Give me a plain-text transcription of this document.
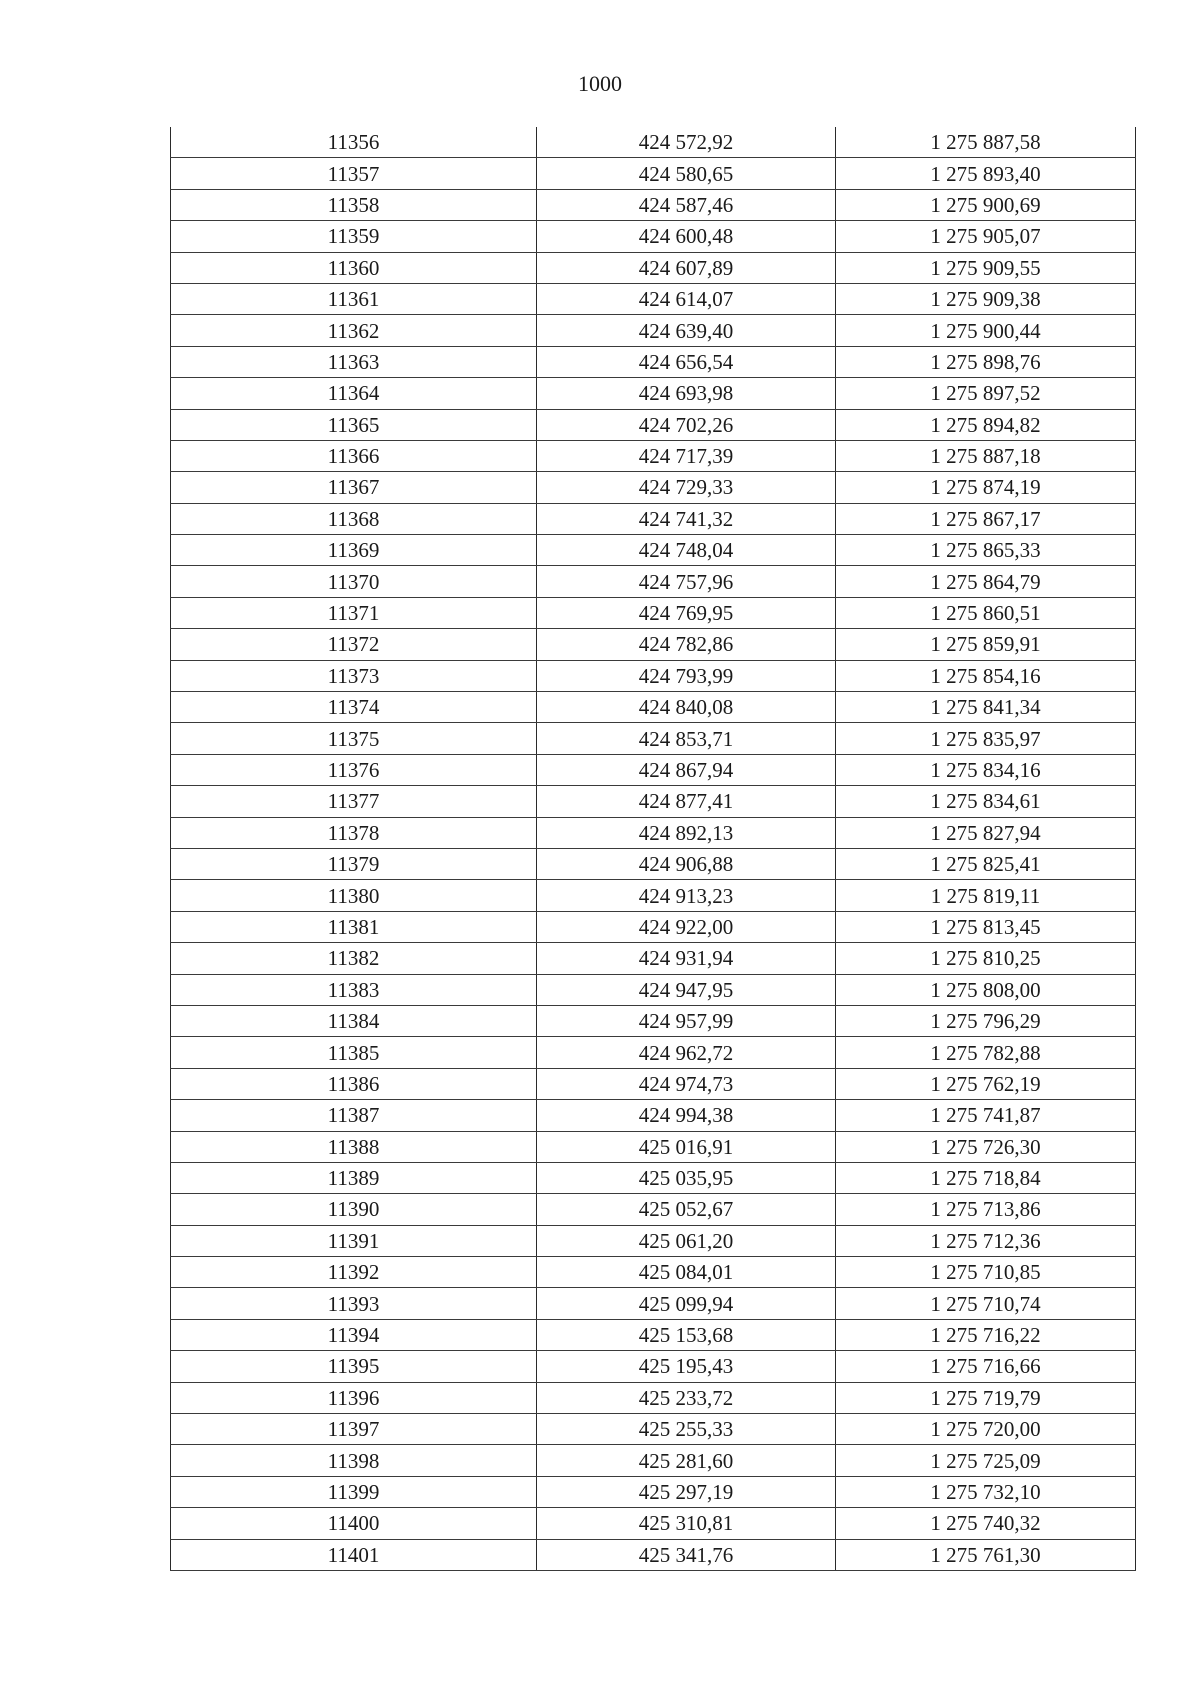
1000
11356	424 572,92	1 275 887,58
11357	424 580,65	1 275 893,40
11358	424 587,46	1 275 900,69
11359	424 600,48	1 275 905,07
11360	424 607,89	1 275 909,55
11361	424 614,07	1 275 909,38
11362	424 639,40	1 275 900,44
11363	424 656,54	1 275 898,76
11364	424 693,98	1 275 897,52
11365	424 702,26	1 275 894,82
11366	424 717,39	1 275 887,18
11367	424 729,33	1 275 874,19
11368	424 741,32	1 275 867,17
11369	424 748,04	1 275 865,33
11370	424 757,96	1 275 864,79
11371	424 769,95	1 275 860,51
11372	424 782,86	1 275 859,91
11373	424 793,99	1 275 854,16
11374	424 840,08	1 275 841,34
11375	424 853,71	1 275 835,97
11376	424 867,94	1 275 834,16
11377	424 877,41	1 275 834,61
11378	424 892,13	1 275 827,94
11379	424 906,88	1 275 825,41
11380	424 913,23	1 275 819,11
11381	424 922,00	1 275 813,45
11382	424 931,94	1 275 810,25
11383	424 947,95	1 275 808,00
11384	424 957,99	1 275 796,29
11385	424 962,72	1 275 782,88
11386	424 974,73	1 275 762,19
11387	424 994,38	1 275 741,87
11388	425 016,91	1 275 726,30
11389	425 035,95	1 275 718,84
11390	425 052,67	1 275 713,86
11391	425 061,20	1 275 712,36
11392	425 084,01	1 275 710,85
11393	425 099,94	1 275 710,74
11394	425 153,68	1 275 716,22
11395	425 195,43	1 275 716,66
11396	425 233,72	1 275 719,79
11397	425 255,33	1 275 720,00
11398	425 281,60	1 275 725,09
11399	425 297,19	1 275 732,10
11400	425 310,81	1 275 740,32
11401	425 341,76	1 275 761,30
